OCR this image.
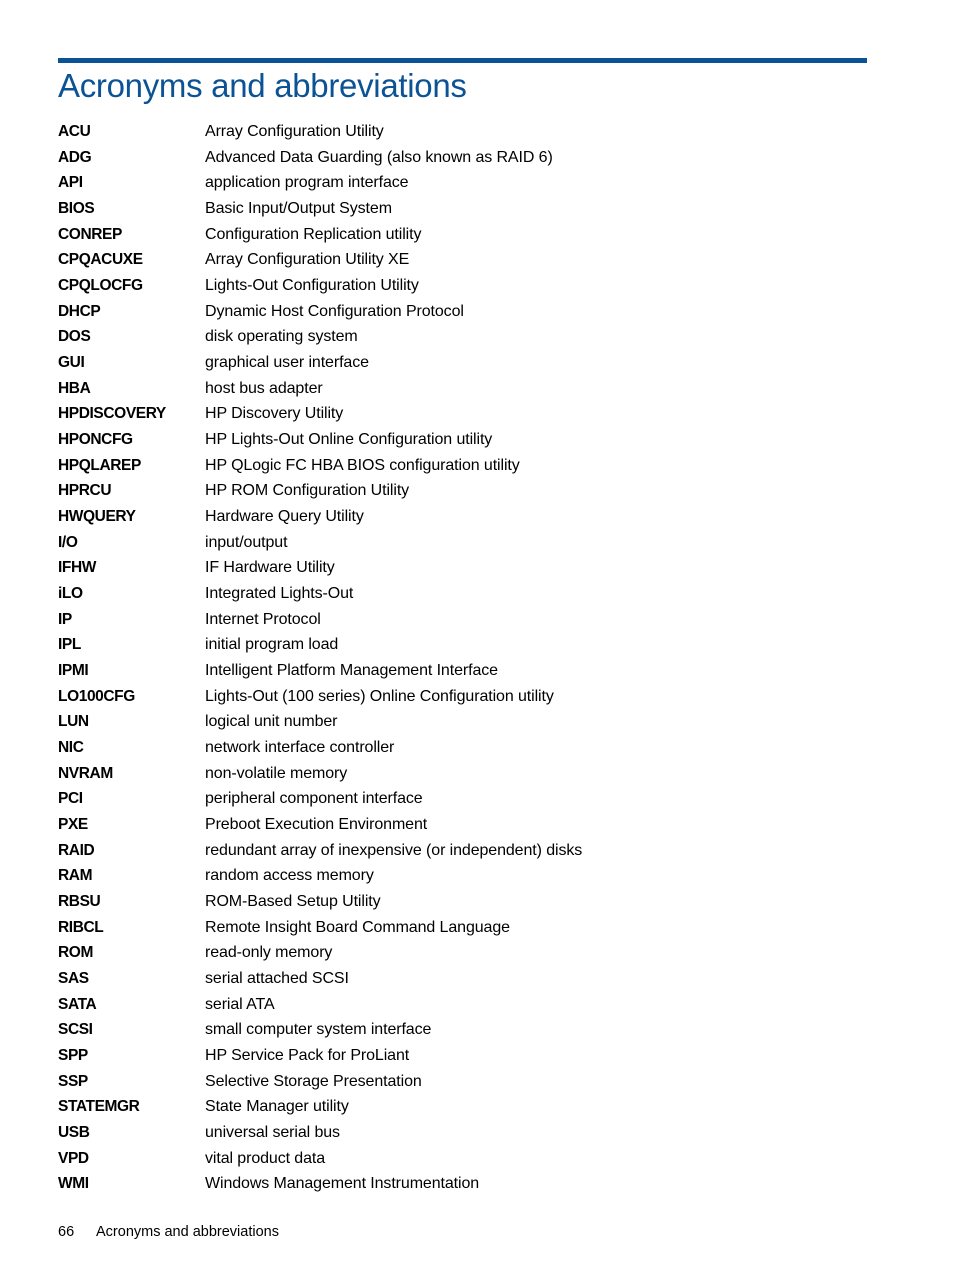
Acronyms and abbreviations
ACU	Array Configuration Utility
ADG	Advanced Data Guarding (also known as RAID 6)
API	application program interface
BIOS	Basic Input/Output System
CONREP	Configuration Replication utility
CPQACUXE	Array Configuration Utility XE
CPQLOCFG	Lights-Out Configuration Utility
DHCP	Dynamic Host Configuration Protocol
DOS	disk operating system
GUI	graphical user interface
HBA	host bus adapter
HPDISCOVERY	HP Discovery Utility
HPONCFG	HP Lights-Out Online Configuration utility
HPQLAREP	HP QLogic FC HBA BIOS configuration utility
HPRCU	HP ROM Configuration Utility
HWQUERY	Hardware Query Utility
I/O	input/output
IFHW	IF Hardware Utility
iLO	Integrated Lights-Out
IP	Internet Protocol
IPL	initial program load
IPMI	Intelligent Platform Management Interface
LO100CFG	Lights-Out (100 series) Online Configuration utility
LUN	logical unit number
NIC	network interface controller
NVRAM	non-volatile memory
PCI	peripheral component interface
PXE	Preboot Execution Environment
RAID	redundant array of inexpensive (or independent) disks
RAM	random access memory
RBSU	ROM-Based Setup Utility
RIBCL	Remote Insight Board Command Language
ROM	read-only memory
SAS	serial attached SCSI
SATA	serial ATA
SCSI	small computer system interface
SPP	HP Service Pack for ProLiant
SSP	Selective Storage Presentation
STATEMGR	State Manager utility
USB	universal serial bus
VPD	vital product data
WMI	Windows Management Instrumentation
66 Acronyms and abbreviations
